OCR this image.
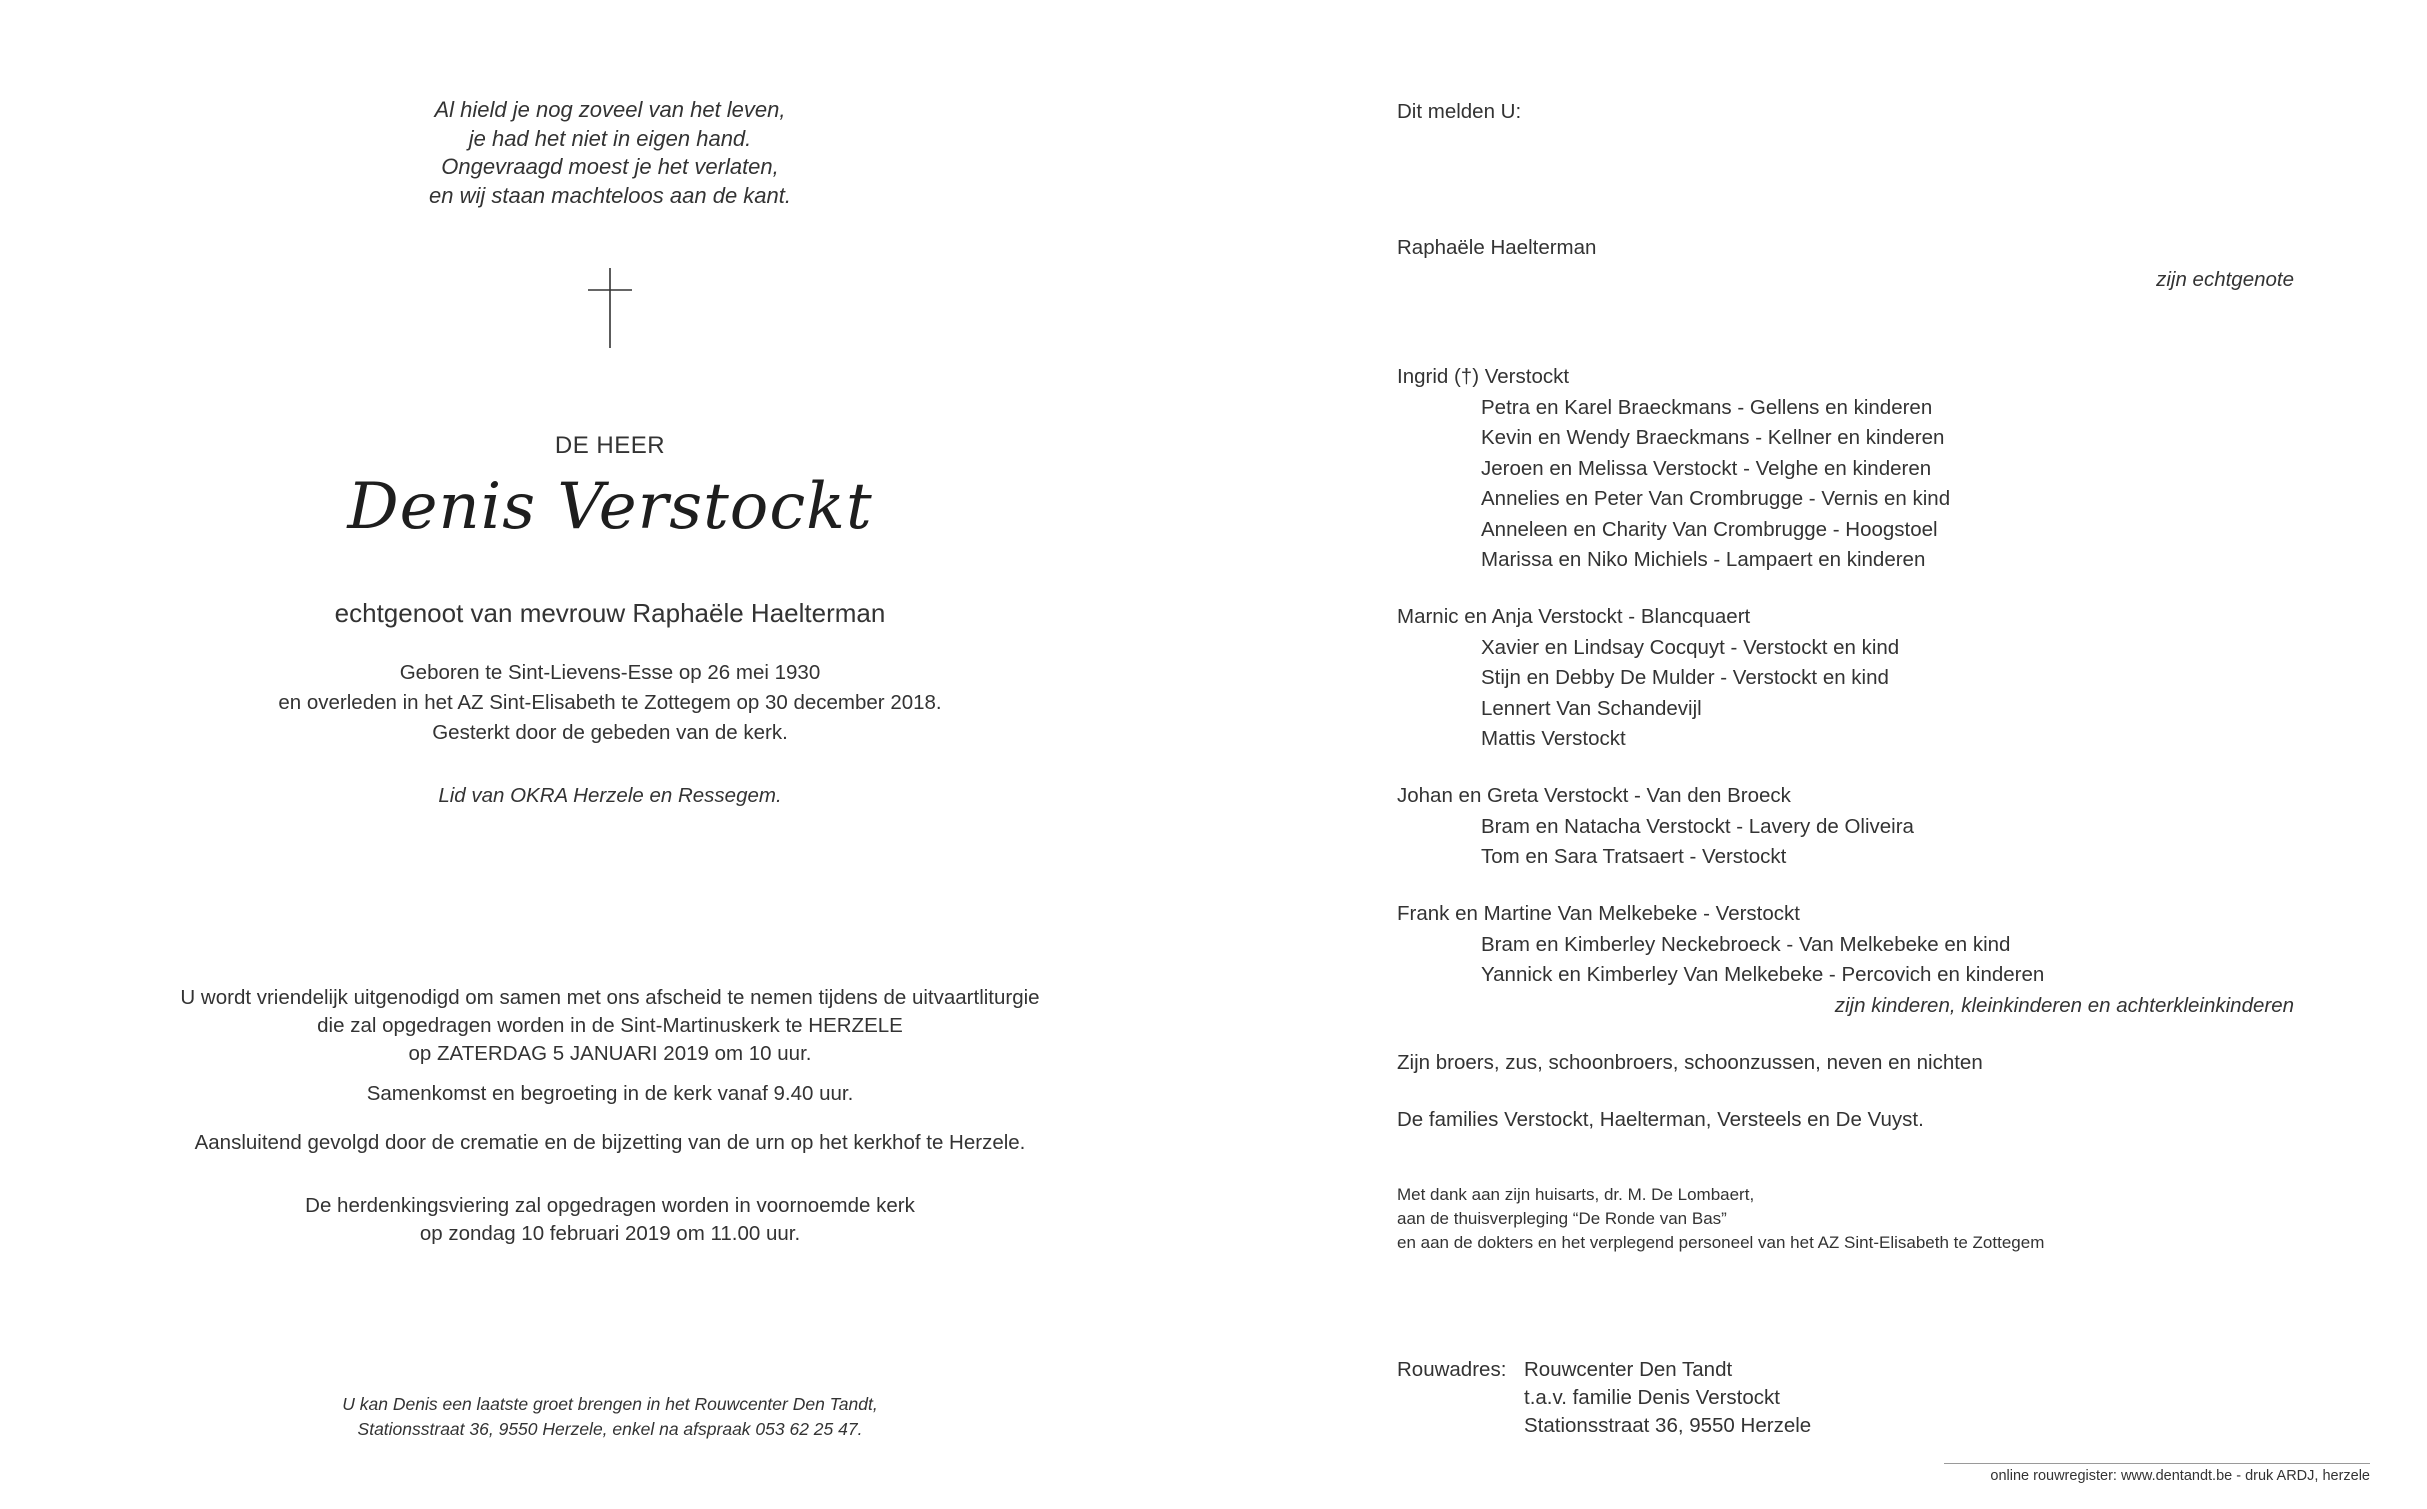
Al hield je nog zoveel van het leven,
je had het niet in eigen hand.
Ongevraagd moest je het verlaten,
en wij staan machteloos aan de kant.
DE HEER
Denis Verstockt
echtgenoot van mevrouw Raphaële Haelterman
Geboren te Sint-Lievens-Esse op 26 mei 1930
en overleden in het AZ Sint-Elisabeth te Zottegem op 30 december 2018.
Gesterkt door de gebeden van de kerk.
Lid van OKRA Herzele en Ressegem.
U wordt vriendelijk uitgenodigd om samen met ons afscheid te nemen tijdens de uitvaartliturgie
die zal opgedragen worden in de Sint-Martinuskerk te HERZELE
op ZATERDAG 5 JANUARI 2019 om 10 uur.
Samenkomst en begroeting in de kerk vanaf 9.40 uur.
Aansluitend gevolgd door de crematie en de bijzetting van de urn op het kerkhof te Herzele.
De herdenkingsviering zal opgedragen worden in voornoemde kerk
op zondag 10 februari 2019 om 11.00 uur.
U kan Denis een laatste groet brengen in het Rouwcenter Den Tandt,
Stationsstraat 36, 9550 Herzele, enkel na afspraak 053 62 25 47.
Dit melden U:
Raphaële Haelterman
zijn echtgenote
Ingrid (†) Verstockt
Petra en Karel Braeckmans - Gellens en kinderen
Kevin en Wendy Braeckmans - Kellner en kinderen
Jeroen en Melissa Verstockt - Velghe en kinderen
Annelies en Peter Van Crombrugge - Vernis en kind
Anneleen en Charity Van Crombrugge - Hoogstoel
Marissa en Niko Michiels - Lampaert en kinderen
Marnic en Anja Verstockt - Blancquaert
Xavier en Lindsay Cocquyt - Verstockt en kind
Stijn en Debby De Mulder - Verstockt en kind
Lennert Van Schandevijl
Mattis Verstockt
Johan en Greta Verstockt - Van den Broeck
Bram en Natacha Verstockt - Lavery de Oliveira
Tom en Sara Tratsaert - Verstockt
Frank en Martine Van Melkebeke - Verstockt
Bram en Kimberley Neckebroeck - Van Melkebeke en kind
Yannick en Kimberley Van Melkebeke - Percovich en kinderen
zijn kinderen, kleinkinderen en achterkleinkinderen
Zijn broers, zus, schoonbroers, schoonzussen, neven en nichten
De families Verstockt, Haelterman, Versteels en De Vuyst.
Met dank aan zijn huisarts, dr. M. De Lombaert,
aan de thuisverpleging “De Ronde van Bas”
en aan de dokters en het verplegend personeel van het AZ Sint-Elisabeth te Zottegem
Rouwadres: Rouwcenter Den Tandt
t.a.v. familie Denis Verstockt
Stationsstraat 36, 9550 Herzele
online rouwregister: www.dentandt.be - druk ARDJ, herzele
